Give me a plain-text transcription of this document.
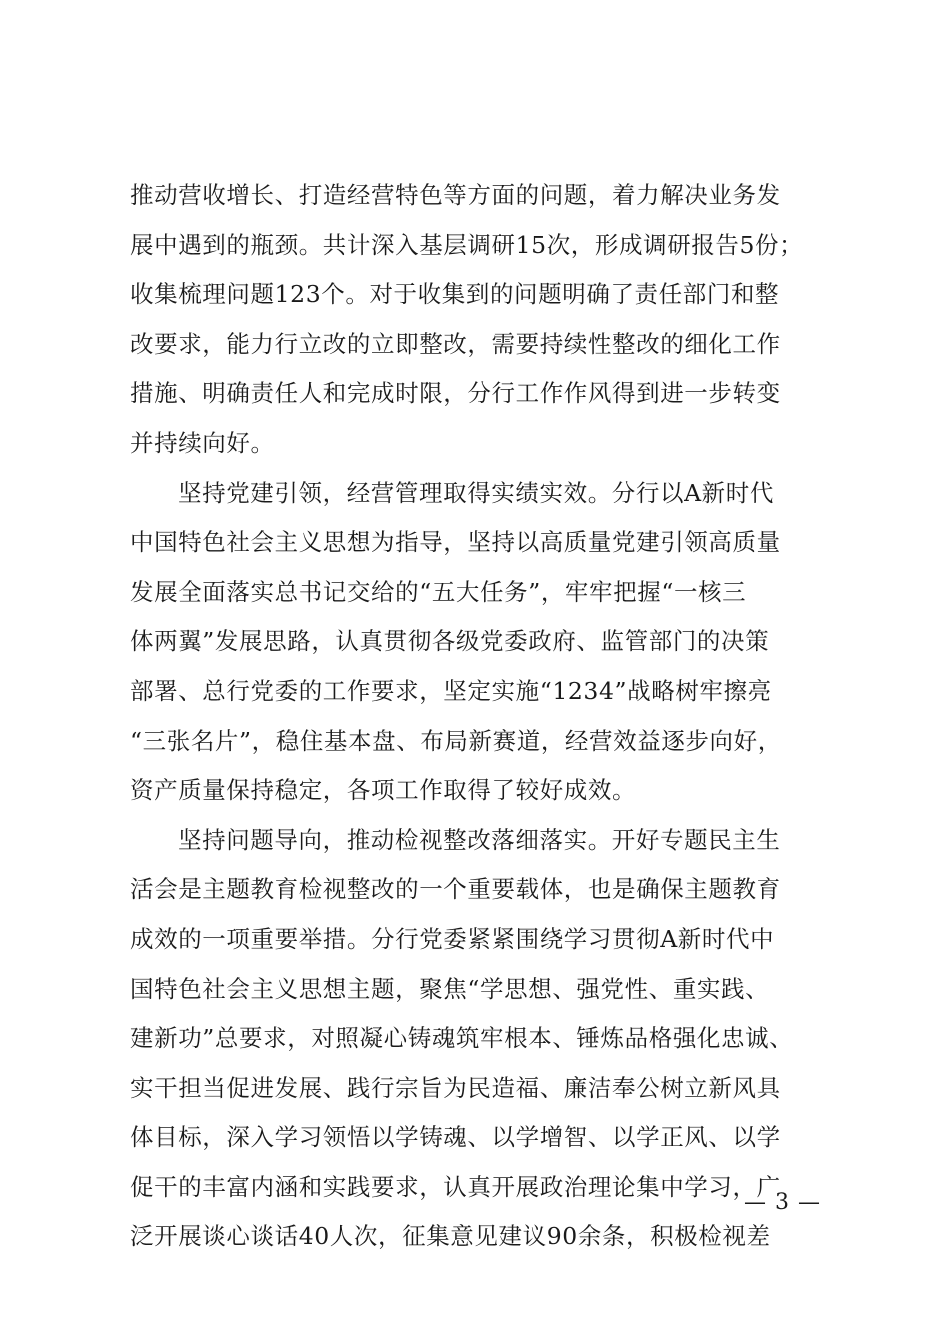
推动营收增长、打造经营特色等方面的问题，着力解决业务发
展中遇到的瓶颈。共计深入基层调研15次，形成调研报告5份；
收集梳理问题123个。对于收集到的问题明确了责任部门和整
改要求，能力行立改的立即整改，需要持续性整改的细化工作
措施、明确责任人和完成时限，分行工作作风得到进一步转变
并持续向好。
坚持党建引领，经营管理取得实绩实效。分行以A新时代
中国特色社会主义思想为指导，坚持以高质量党建引领高质量
发展全面落实总书记交给的“五大任务”，牢牢把握“一核三
体两翼”发展思路，认真贯彻各级党委政府、监管部门的决策
部署、总行党委的工作要求，坚定实施“1234”战略树牢擦亮
“三张名片”，稳住基本盘、布局新赛道，经营效益逐步向好，
资产质量保持稳定，各项工作取得了较好成效。
坚持问题导向，推动检视整改落细落实。开好专题民主生
活会是主题教育检视整改的一个重要载体，也是确保主题教育
成效的一项重要举措。分行党委紧紧围绕学习贯彻A新时代中
国特色社会主义思想主题，聚焦“学思想、强党性、重实践、
建新功”总要求，对照凝心铸魂筑牢根本、锤炼品格强化忠诚、
实干担当促进发展、践行宗旨为民造福、廉洁奉公树立新风具
体目标，深入学习领悟以学铸魂、以学增智、以学正风、以学
促干的丰富内涵和实践要求，认真开展政治理论集中学习，广
泛开展谈心谈话40人次，征集意见建议90余条，积极检视差
— 3 —
